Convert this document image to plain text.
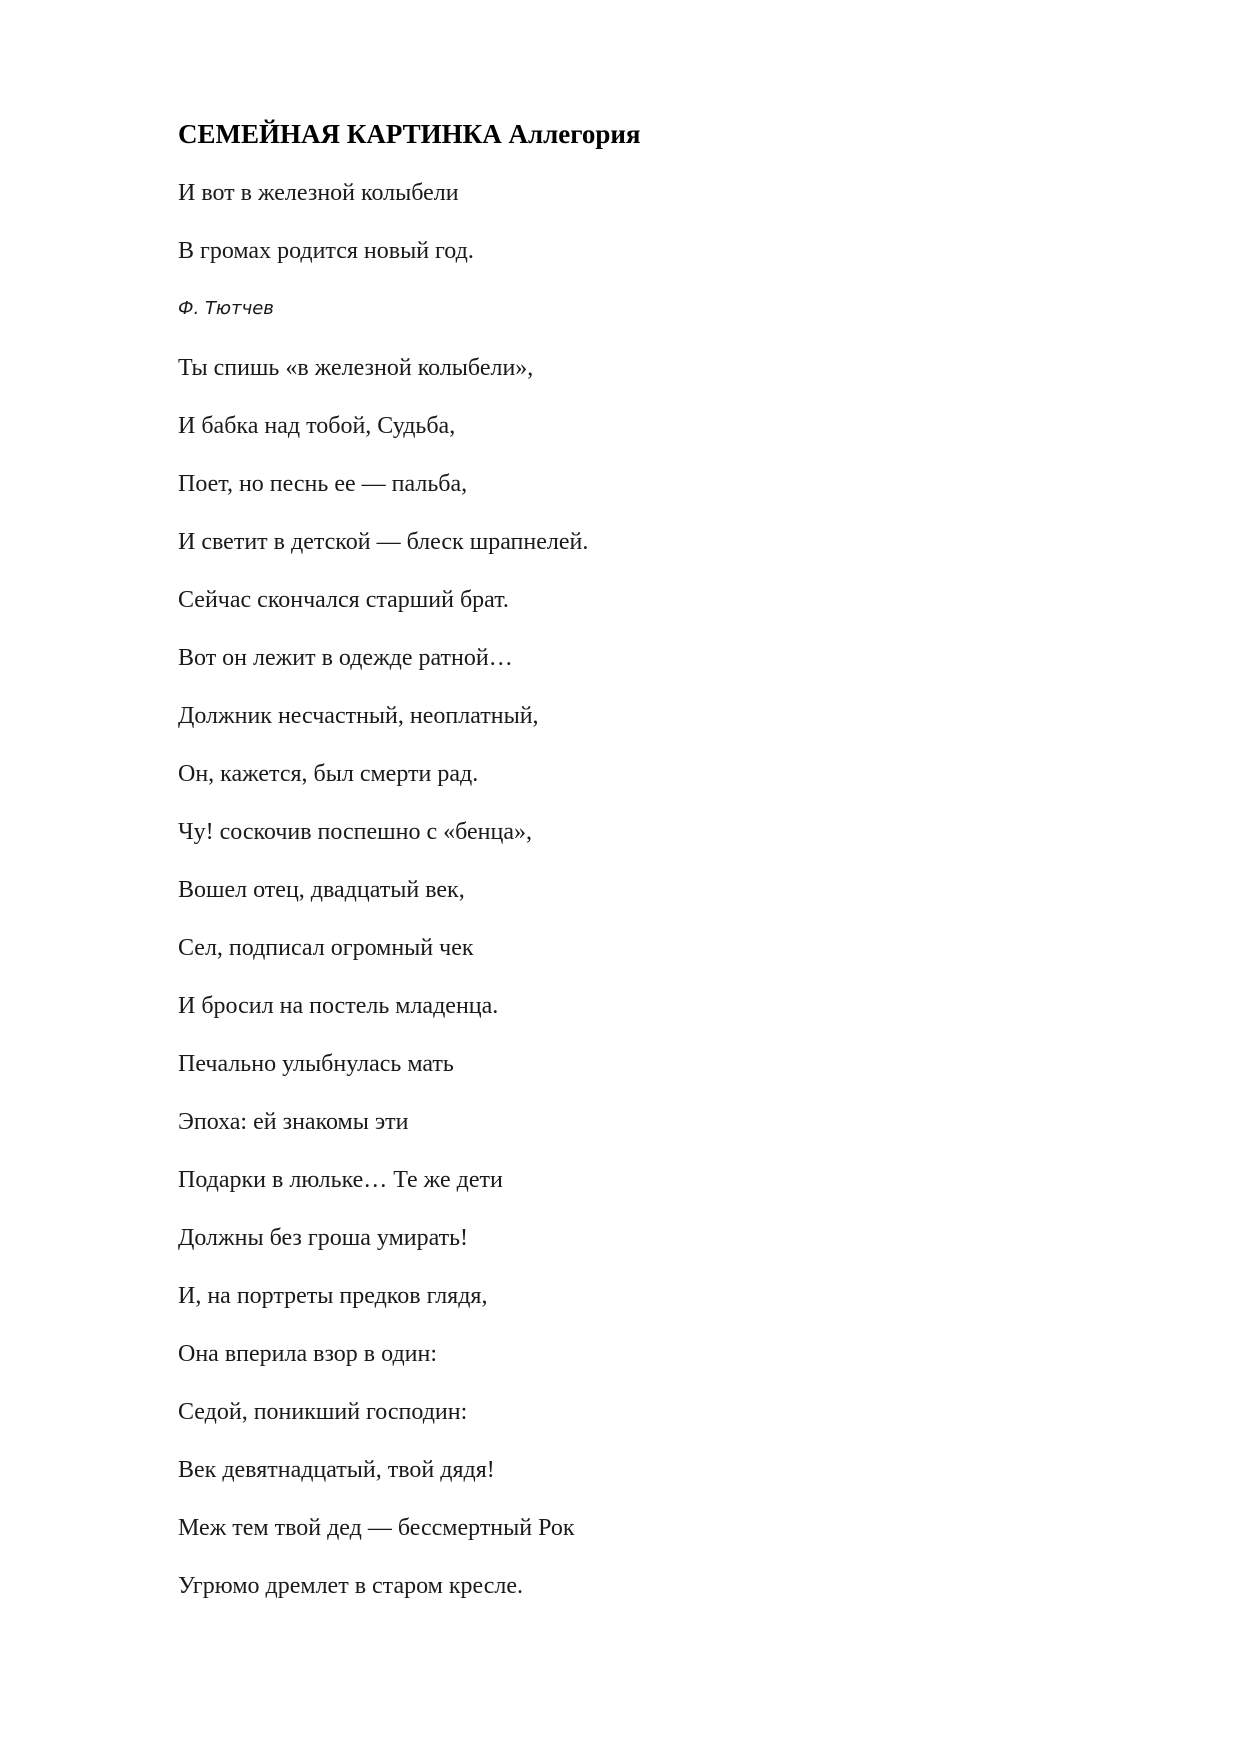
СЕМЕЙНАЯ КАРТИНКА Аллегория

И вот в железной колыбели

В громах родится новый год.

Ф. Тютчев

Ты спишь «в железной колыбели»,

И бабка над тобой, Судьба,

Поет, но песнь ее — пальба,

И светит в детской — блеск шрапнелей.

Сейчас скончался старший брат.

Вот он лежит в одежде ратной…

Должник несчастный, неоплатный,

Он, кажется, был смерти рад.

Чу! соскочив поспешно с «бенца»,

Вошел отец, двадцатый век,

Сел, подписал огромный чек

И бросил на постель младенца.

Печально улыбнулась мать

Эпоха: ей знакомы эти

Подарки в люльке… Те же дети

Должны без гроша умирать!

И, на портреты предков глядя,

Она вперила взор в один:

Седой, поникший господин:

Век девятнадцатый, твой дядя!

Меж тем твой дед — бессмертный Рок

Угрюмо дремлет в старом кресле.
